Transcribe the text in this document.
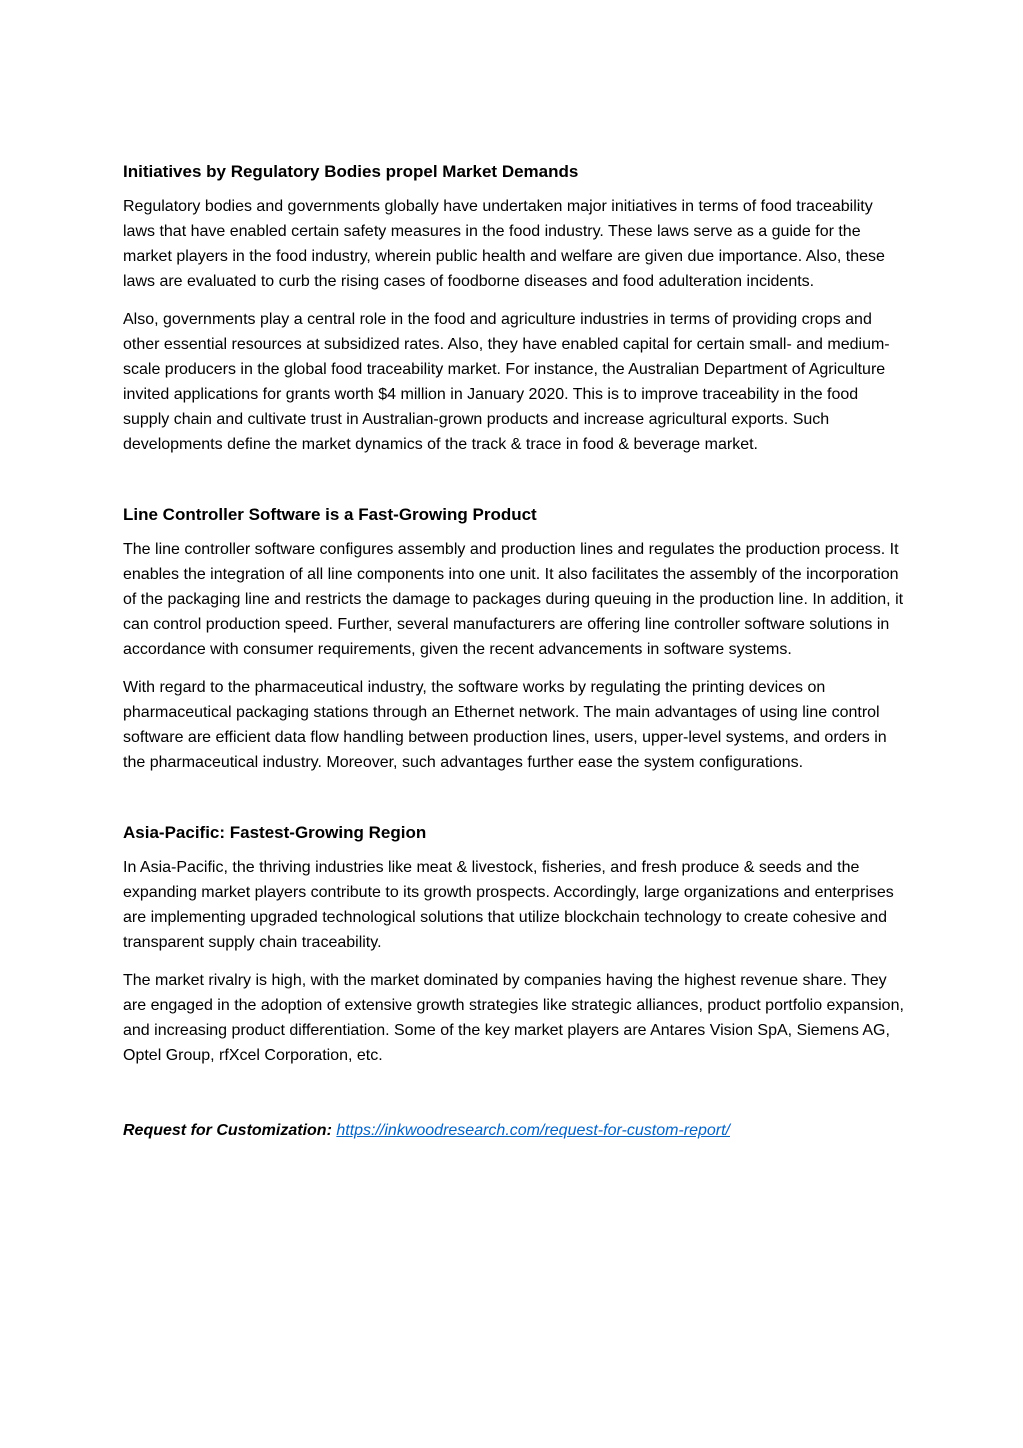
Initiatives by Regulatory Bodies propel Market Demands

Regulatory bodies and governments globally have undertaken major initiatives in terms of food traceability laws that have enabled certain safety measures in the food industry. These laws serve as a guide for the market players in the food industry, wherein public health and welfare are given due importance. Also, these laws are evaluated to curb the rising cases of foodborne diseases and food adulteration incidents.

Also, governments play a central role in the food and agriculture industries in terms of providing crops and other essential resources at subsidized rates. Also, they have enabled capital for certain small- and medium-scale producers in the global food traceability market. For instance, the Australian Department of Agriculture invited applications for grants worth $4 million in January 2020. This is to improve traceability in the food supply chain and cultivate trust in Australian-grown products and increase agricultural exports. Such developments define the market dynamics of the track & trace in food & beverage market.

Line Controller Software is a Fast-Growing Product

The line controller software configures assembly and production lines and regulates the production process. It enables the integration of all line components into one unit. It also facilitates the assembly of the incorporation of the packaging line and restricts the damage to packages during queuing in the production line. In addition, it can control production speed. Further, several manufacturers are offering line controller software solutions in accordance with consumer requirements, given the recent advancements in software systems.

With regard to the pharmaceutical industry, the software works by regulating the printing devices on pharmaceutical packaging stations through an Ethernet network. The main advantages of using line control software are efficient data flow handling between production lines, users, upper-level systems, and orders in the pharmaceutical industry. Moreover, such advantages further ease the system configurations.

Asia-Pacific: Fastest-Growing Region

In Asia-Pacific, the thriving industries like meat & livestock, fisheries, and fresh produce & seeds and the expanding market players contribute to its growth prospects. Accordingly, large organizations and enterprises are implementing upgraded technological solutions that utilize blockchain technology to create cohesive and transparent supply chain traceability.

The market rivalry is high, with the market dominated by companies having the highest revenue share. They are engaged in the adoption of extensive growth strategies like strategic alliances, product portfolio expansion, and increasing product differentiation. Some of the key market players are Antares Vision SpA, Siemens AG, Optel Group, rfXcel Corporation, etc.

Request for Customization: https://inkwoodresearch.com/request-for-custom-report/
